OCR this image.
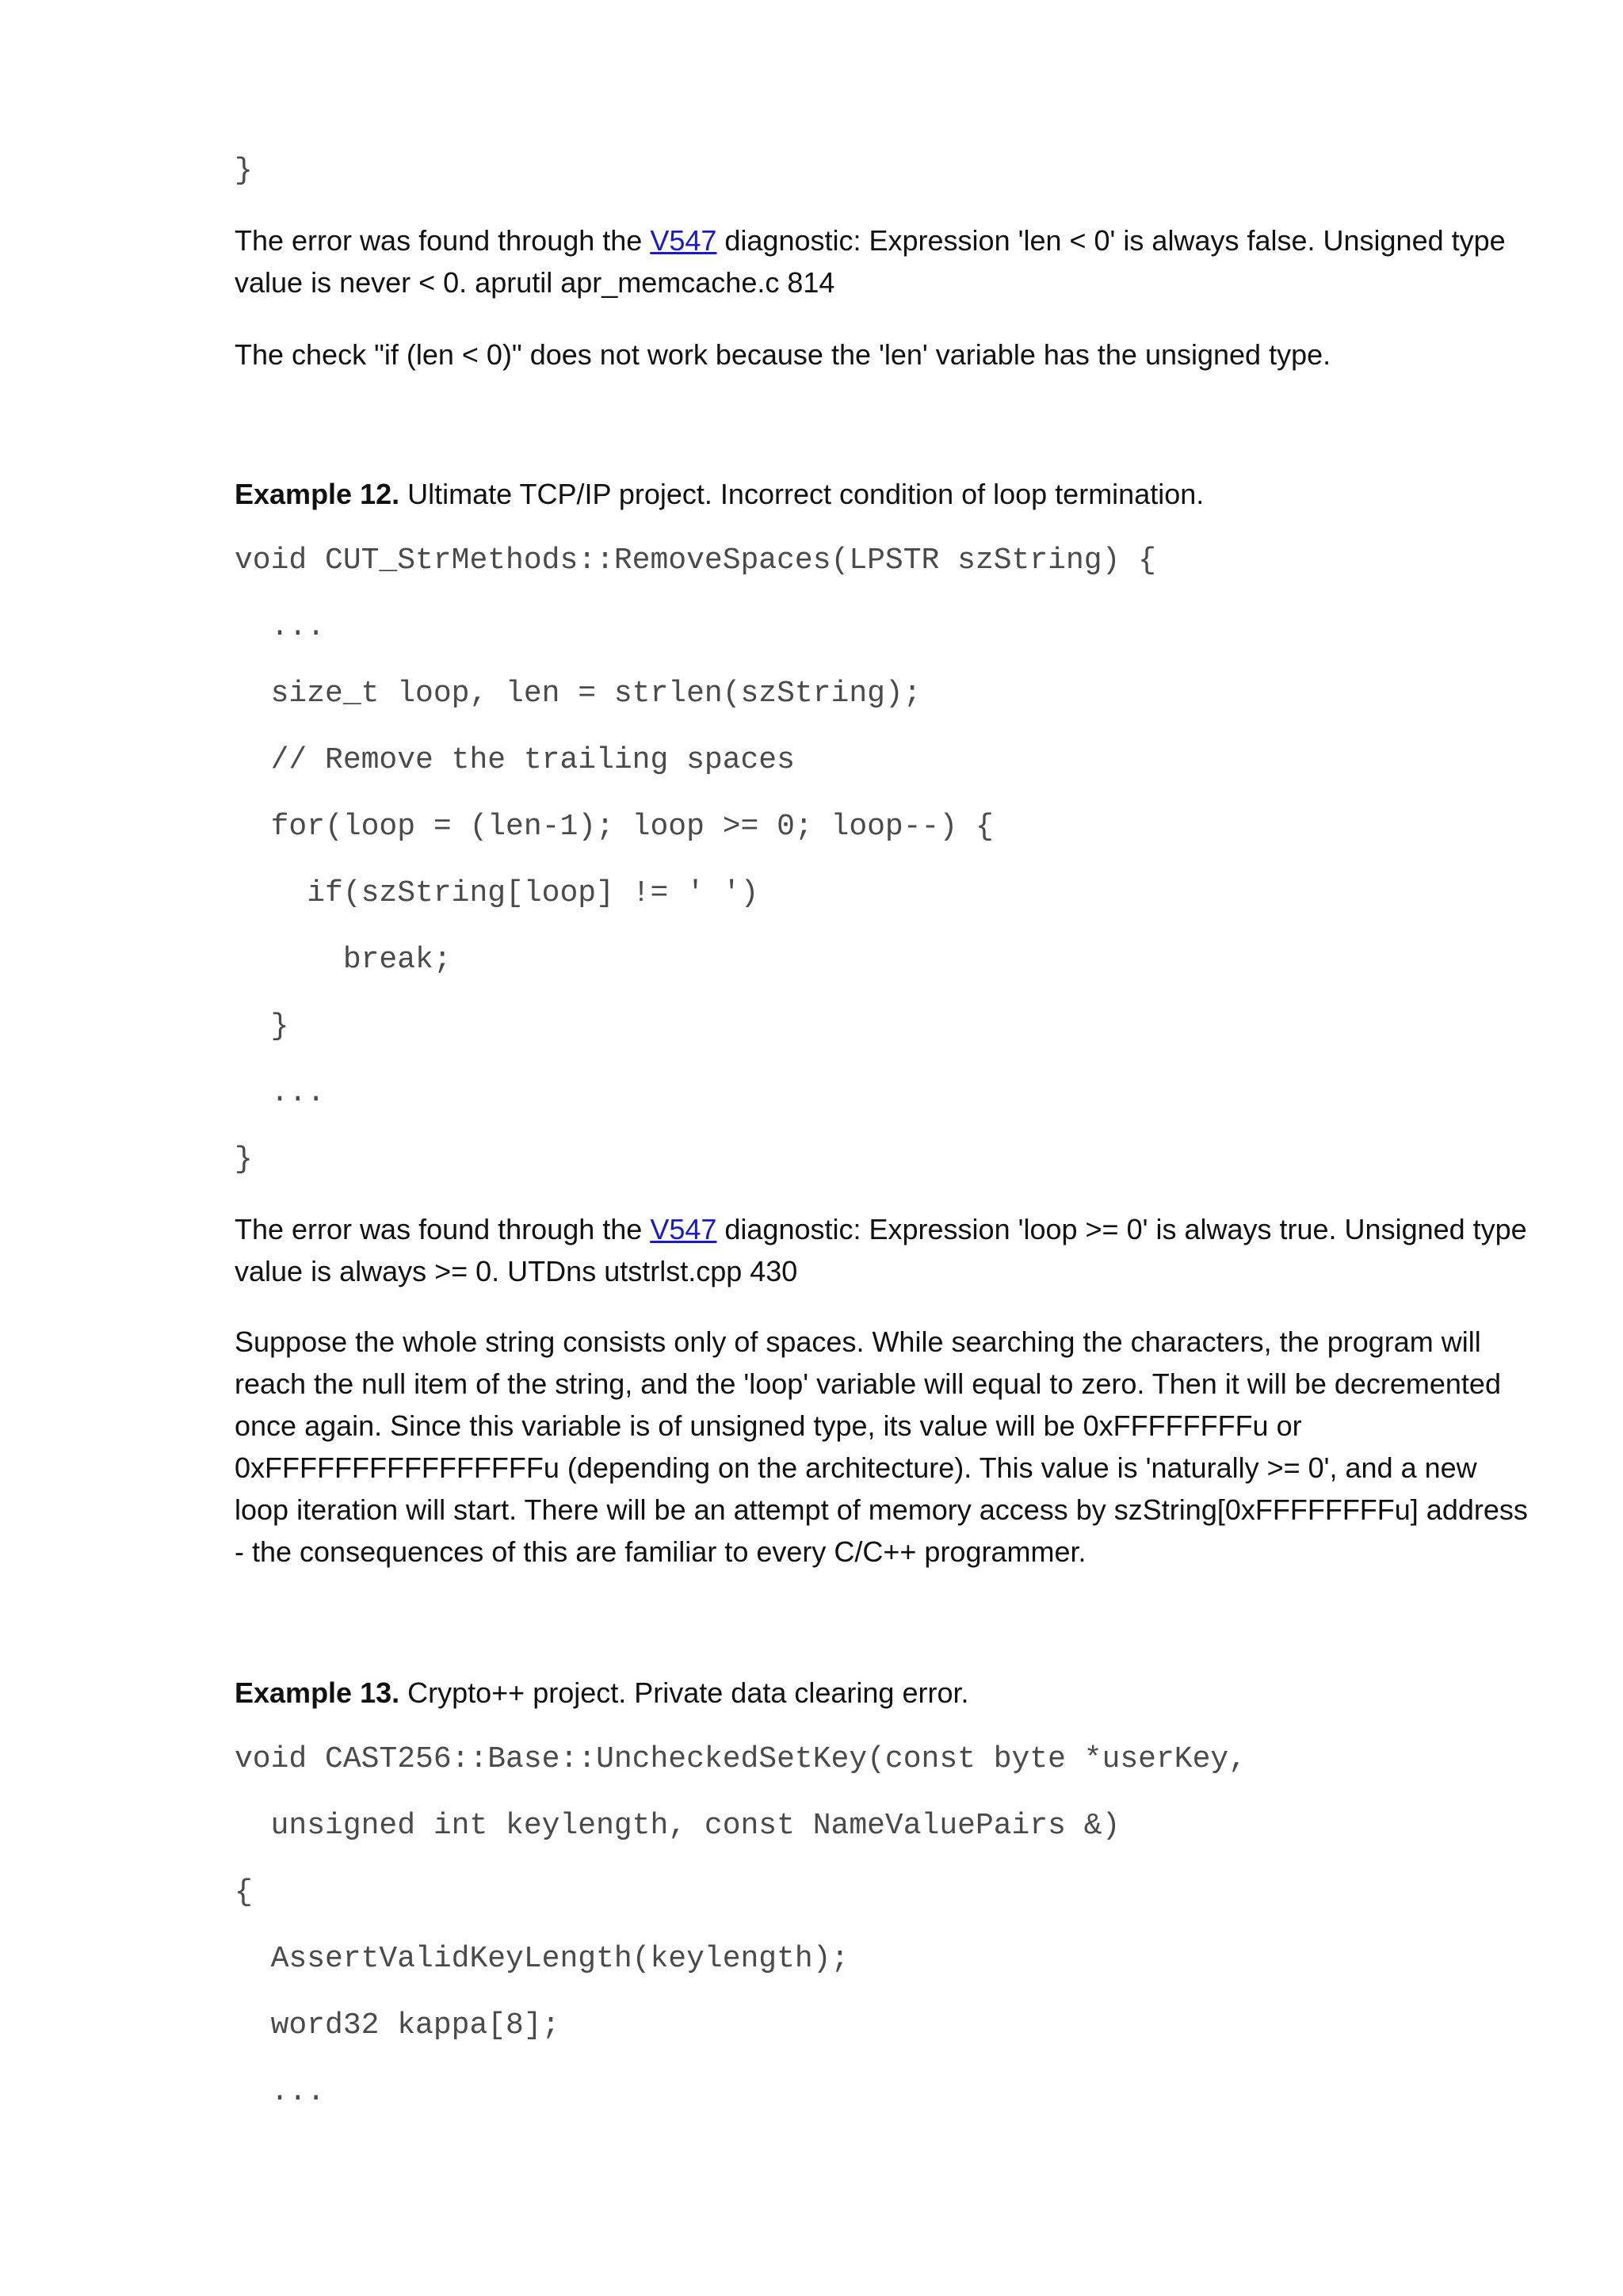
}
The error was found through the V547 diagnostic: Expression 'len < 0' is always false. Unsigned type value is never < 0. aprutil apr_memcache.c 814
The check "if (len < 0)" does not work because the 'len' variable has the unsigned type.
Example 12. Ultimate TCP/IP project. Incorrect condition of loop termination.
void CUT_StrMethods::RemoveSpaces(LPSTR szString) {
...
size_t loop, len = strlen(szString);
// Remove the trailing spaces
for(loop = (len-1); loop >= 0; loop--) {
if(szString[loop] != ' ')
break;
}
...
}
The error was found through the V547 diagnostic: Expression 'loop >= 0' is always true. Unsigned type value is always >= 0. UTDns utstrlst.cpp 430
Suppose the whole string consists only of spaces. While searching the characters, the program will reach the null item of the string, and the 'loop' variable will equal to zero. Then it will be decremented once again. Since this variable is of unsigned type, its value will be 0xFFFFFFFFu or 0xFFFFFFFFFFFFFFFFu (depending on the architecture). This value is 'naturally >= 0', and a new loop iteration will start. There will be an attempt of memory access by szString[0xFFFFFFFFu] address - the consequences of this are familiar to every C/C++ programmer.
Example 13. Crypto++ project. Private data clearing error.
void CAST256::Base::UncheckedSetKey(const byte *userKey,
unsigned int keylength, const NameValuePairs &)
{
AssertValidKeyLength(keylength);
word32 kappa[8];
...
